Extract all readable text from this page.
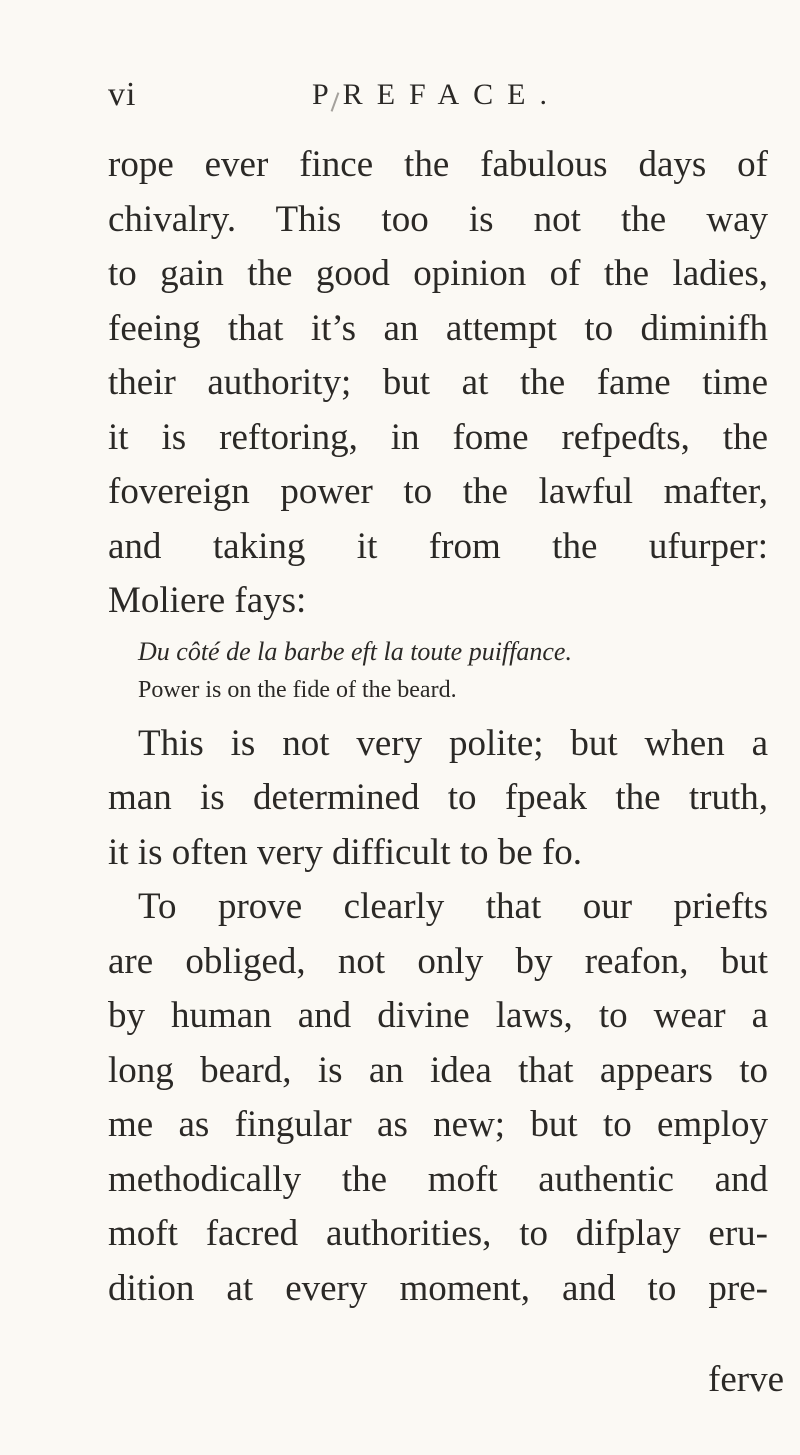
vi	PREFACE.
rope ever fince the fabulous days of
chivalry. This too is not the way
to gain the good opinion of the ladies,
feeing that it’s an attempt to diminifh
their authority; but at the fame time
it is reftoring, in fome refpeɗts, the
fovereign power to the lawful mafter,
and taking it from the ufurper:
Moliere fays:
Du côté de la barbe eft la toute puiffance.
Power is on the fide of the beard.
This is not very polite; but when a
man is determined to fpeak the truth,
it is often very difficult to be fo.
To prove clearly that our priefts
are obliged, not only by reafon, but
by human and divine laws, to wear a
long beard, is an idea that appears to
me as fingular as new; but to employ
methodically the moft authentic and
moft facred authorities, to difplay eru-
dition at every moment, and to pre-
ferve
